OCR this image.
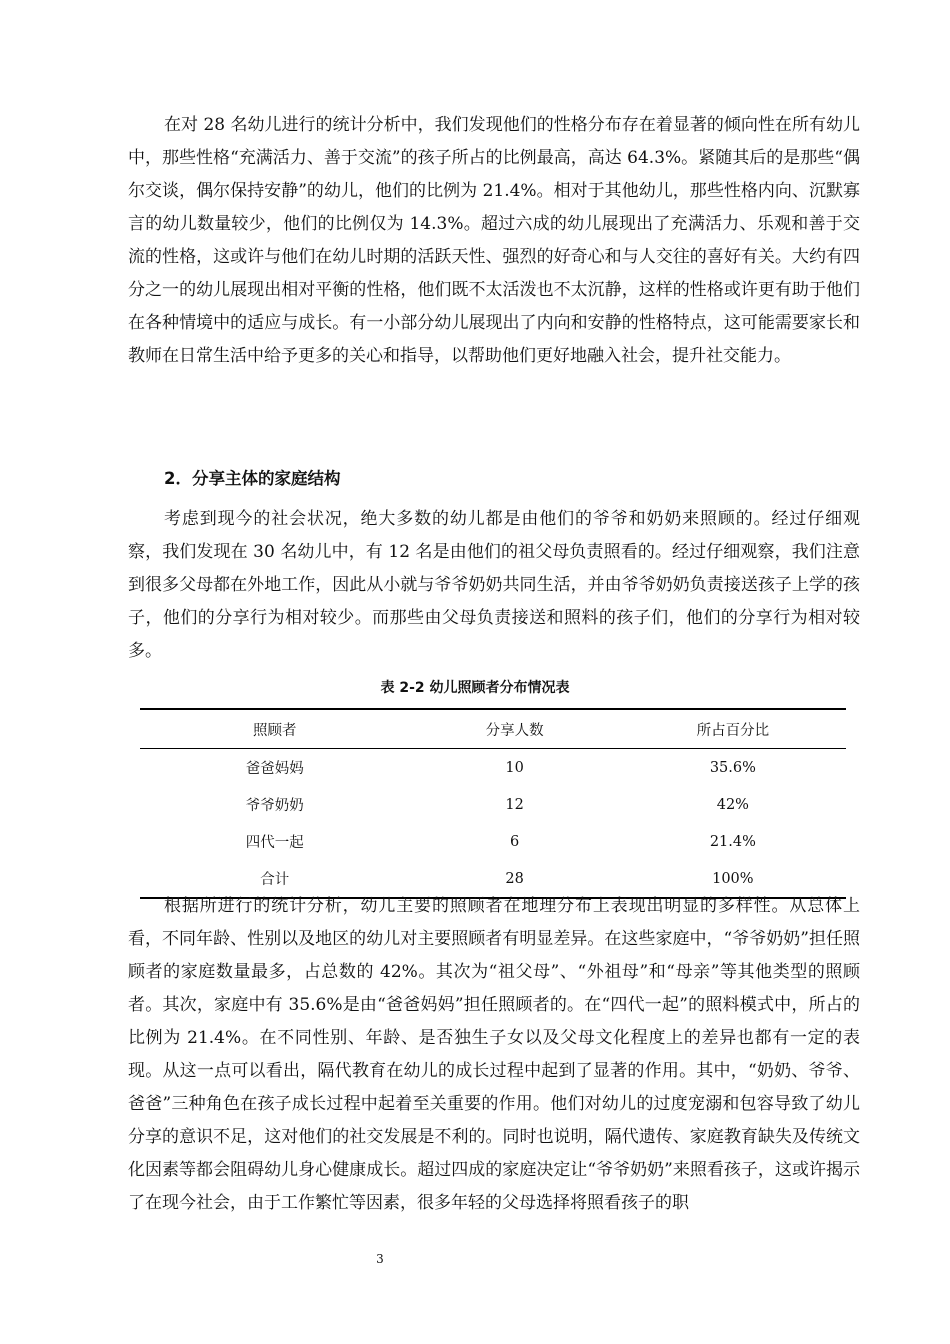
在对 28 名幼儿进行的统计分析中，我们发现他们的性格分布存在着显著的倾向性在所有幼儿中，那些性格“充满活力、善于交流”的孩子所占的比例最高，高达 64.3%。紧随其后的是那些“偶尔交谈，偶尔保持安静”的幼儿，他们的比例为 21.4%。相对于其他幼儿，那些性格内向、沉默寡言的幼儿数量较少，他们的比例仅为 14.3%。超过六成的幼儿展现出了充满活力、乐观和善于交流的性格，这或许与他们在幼儿时期的活跃天性、强烈的好奇心和与人交往的喜好有关。大约有四分之一的幼儿展现出相对平衡的性格，他们既不太活泼也不太沉静，这样的性格或许更有助于他们在各种情境中的适应与成长。有一小部分幼儿展现出了内向和安静的性格特点，这可能需要家长和教师在日常生活中给予更多的关心和指导，以帮助他们更好地融入社会，提升社交能力。

2．分享主体的家庭结构

考虑到现今的社会状况，绝大多数的幼儿都是由他们的爷爷和奶奶来照顾的。经过仔细观察，我们发现在 30 名幼儿中，有 12 名是由他们的祖父母负责照看的。经过仔细观察，我们注意到很多父母都在外地工作，因此从小就与爷爷奶奶共同生活，并由爷爷奶奶负责接送孩子上学的孩子，他们的分享行为相对较少。而那些由父母负责接送和照料的孩子们，他们的分享行为相对较多。

表 2-2 幼儿照顾者分布情况表
照顾者	分享人数	所占百分比
爸爸妈妈	10	35.6%
爷爷奶奶	12	42%
四代一起	6	21.4%
合计	28	100%

根据所进行的统计分析，幼儿主要的照顾者在地理分布上表现出明显的多样性。从总体上看，不同年龄、性别以及地区的幼儿对主要照顾者有明显差异。在这些家庭中，“爷爷奶奶”担任照顾者的家庭数量最多，占总数的 42%。其次为“祖父母”、“外祖母”和“母亲”等其他类型的照顾者。其次，家庭中有 35.6%是由“爸爸妈妈”担任照顾者的。在“四代一起”的照料模式中，所占的比例为 21.4%。在不同性别、年龄、是否独生子女以及父母文化程度上的差异也都有一定的表现。从这一点可以看出，隔代教育在幼儿的成长过程中起到了显著的作用。其中，“奶奶、爷爷、爸爸”三种角色在孩子成长过程中起着至关重要的作用。他们对幼儿的过度宠溺和包容导致了幼儿分享的意识不足，这对他们的社交发展是不利的。同时也说明，隔代遗传、家庭教育缺失及传统文化因素等都会阻碍幼儿身心健康成长。超过四成的家庭决定让“爷爷奶奶”来照看孩子，这或许揭示了在现今社会，由于工作繁忙等因素，很多年轻的父母选择将照看孩子的职

3
